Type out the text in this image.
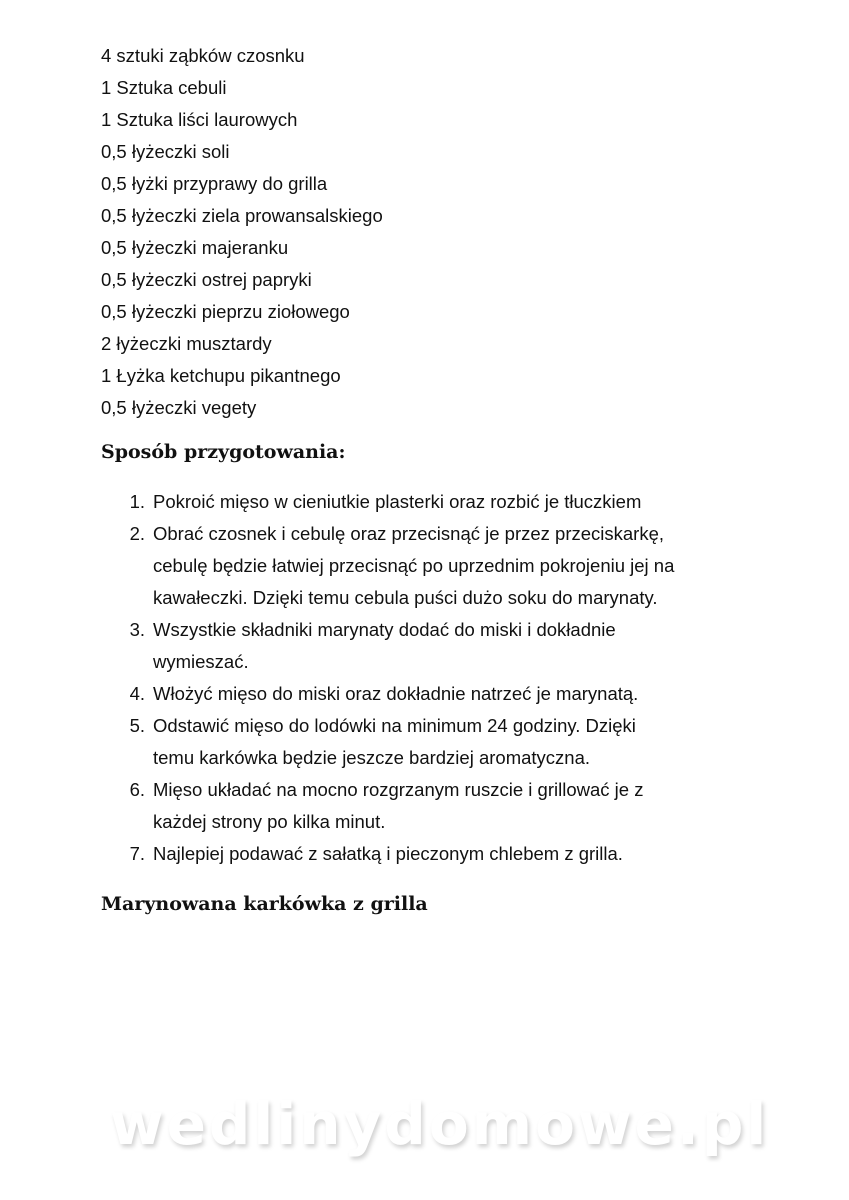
4 sztuki ząbków czosnku
1 Sztuka cebuli
1 Sztuka liści laurowych
0,5 łyżeczki soli
0,5 łyżki przyprawy do grilla
0,5 łyżeczki ziela prowansalskiego
0,5 łyżeczki majeranku
0,5 łyżeczki ostrej papryki
0,5 łyżeczki pieprzu ziołowego
2 łyżeczki musztardy
1 Łyżka ketchupu pikantnego
0,5 łyżeczki vegety
Sposób przygotowania:
1. Pokroić mięso w cieniutkie plasterki oraz rozbić je tłuczkiem
2. Obrać czosnek i cebulę oraz przecisnąć je przez przeciskarkę,
cebulę będzie łatwiej przecisnąć po uprzednim pokrojeniu jej na
kawałeczki. Dzięki temu cebula puści dużo soku do marynaty.
3. Wszystkie składniki marynaty dodać do miski i dokładnie
wymieszać.
4. Włożyć mięso do miski oraz dokładnie natrzeć je marynatą.
5. Odstawić mięso do lodówki na minimum 24 godziny. Dzięki
temu karkówka będzie jeszcze bardziej aromatyczna.
6. Mięso układać na mocno rozgrzanym ruszcie i grillować je z
każdej strony po kilka minut.
7. Najlepiej podawać z sałatką i pieczonym chlebem z grilla.
Marynowana karkówka z grilla
wedlinydomowe.pl
